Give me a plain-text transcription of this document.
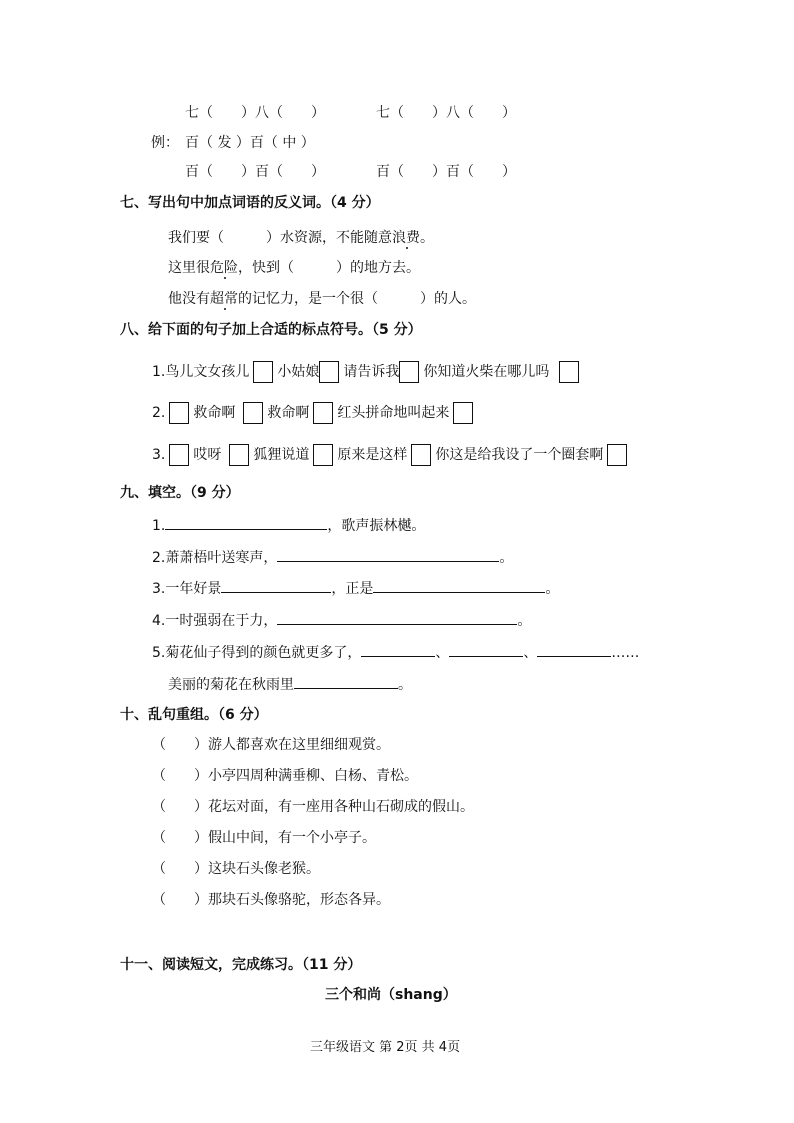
七（　　）八（　　）	七（　　）八（　　）
例： 百（ 发 ）百（ 中 ）
百（　　）百（　　）	百（　　）百（　　）
七、写出句中加点词语的反义词。（4 分）
我们要（　　　）水资源，不能随意浪费。
这里很危险，快到（　　　）的地方去。
他没有超常的记忆力，是一个很（　　　）的人。
八、给下面的句子加上合适的标点符号。（5 分）
1.鸟儿文女孩儿 小姑娘 请告诉我 你知道火柴在哪儿吗
2. 救命啊 救命啊 红头拼命地叫起来
3. 哎呀 狐狸说道 原来是这样 你这是给我设了一个圈套啊
九、填空。（9 分）
1.	，歌声振林樾。
2.萧萧梧叶送寒声，	。
3.一年好景	，正是	。
4.一时强弱在于力，	。
5.菊花仙子得到的颜色就更多了，	、	、	……
美丽的菊花在秋雨里	。
十、乱句重组。（6 分）
（　　）游人都喜欢在这里细细观赏。
（　　）小亭四周种满垂柳、白杨、青松。
（　　）花坛对面，有一座用各种山石砌成的假山。
（　　）假山中间，有一个小亭子。
（　　）这块石头像老猴。
（　　）那块石头像骆驼，形态各异。
十一、阅读短文，完成练习。（11 分）
三个和尚（shang）
三年级语文 第 2页 共 4页
